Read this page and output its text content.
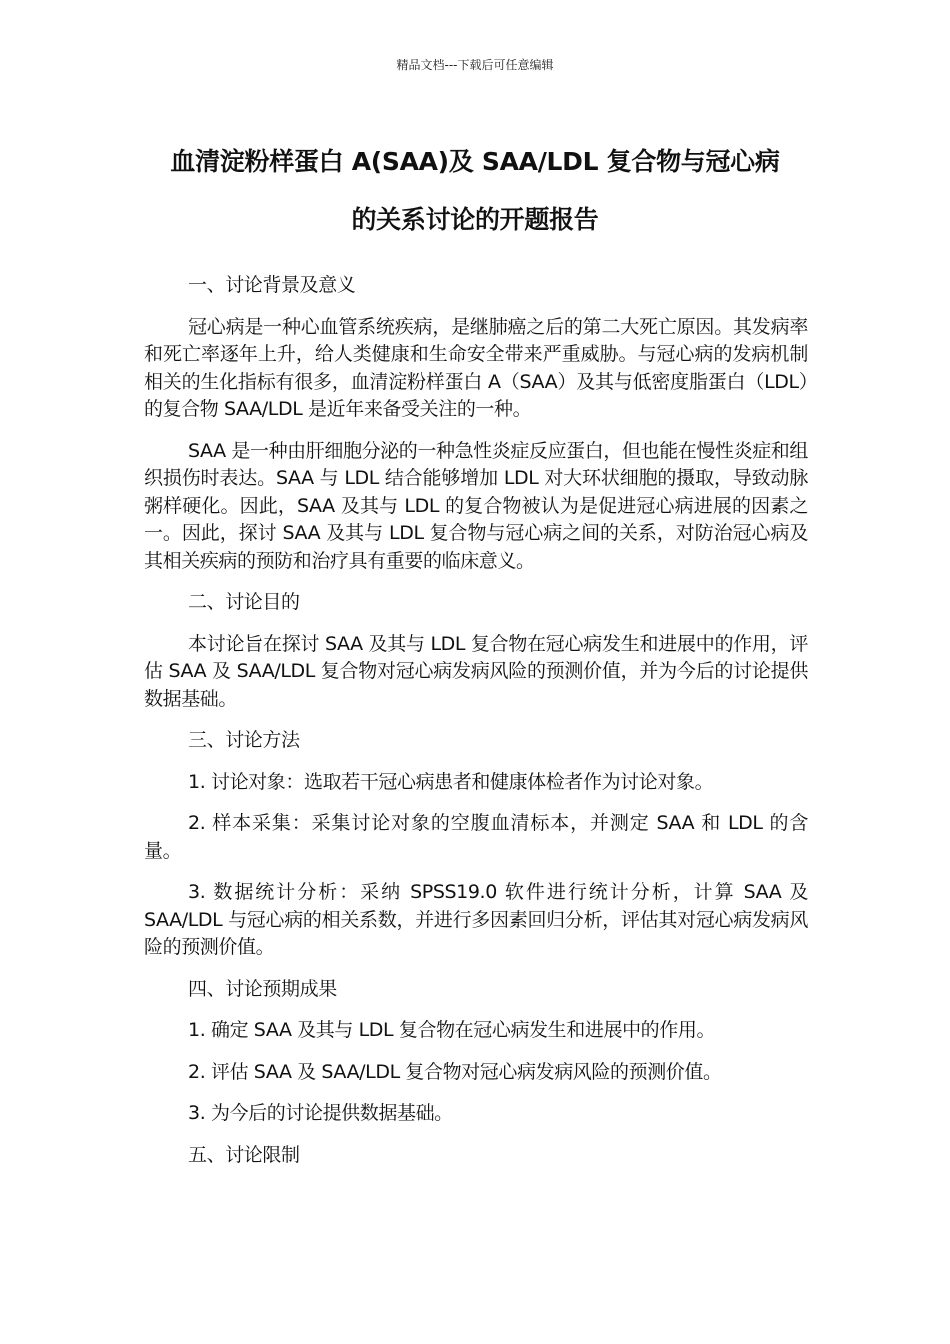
精品文档---下载后可任意编辑
血清淀粉样蛋白 A(SAA)及 SAA/LDL 复合物与冠心病
的关系讨论的开题报告

一、讨论背景及意义

冠心病是一种心血管系统疾病，是继肺癌之后的第二大死亡原因。其发病率和死亡率逐年上升，给人类健康和生命安全带来严重威胁。与冠心病的发病机制相关的生化指标有很多，血清淀粉样蛋白 A（SAA）及其与低密度脂蛋白（LDL）的复合物 SAA/LDL 是近年来备受关注的一种。

SAA 是一种由肝细胞分泌的一种急性炎症反应蛋白，但也能在慢性炎症和组织损伤时表达。SAA 与 LDL 结合能够增加 LDL 对大环状细胞的摄取，导致动脉粥样硬化。因此，SAA 及其与 LDL 的复合物被认为是促进冠心病进展的因素之一。因此，探讨 SAA 及其与 LDL 复合物与冠心病之间的关系，对防治冠心病及其相关疾病的预防和治疗具有重要的临床意义。

二、讨论目的

本讨论旨在探讨 SAA 及其与 LDL 复合物在冠心病发生和进展中的作用，评估 SAA 及 SAA/LDL 复合物对冠心病发病风险的预测价值，并为今后的讨论提供数据基础。

三、讨论方法

1. 讨论对象：选取若干冠心病患者和健康体检者作为讨论对象。

2. 样本采集：采集讨论对象的空腹血清标本，并测定 SAA 和 LDL 的含量。

3. 数据统计分析：采纳 SPSS19.0 软件进行统计分析，计算 SAA 及 SAA/LDL 与冠心病的相关系数，并进行多因素回归分析，评估其对冠心病发病风险的预测价值。

四、讨论预期成果

1. 确定 SAA 及其与 LDL 复合物在冠心病发生和进展中的作用。

2. 评估 SAA 及 SAA/LDL 复合物对冠心病发病风险的预测价值。

3. 为今后的讨论提供数据基础。

五、讨论限制
